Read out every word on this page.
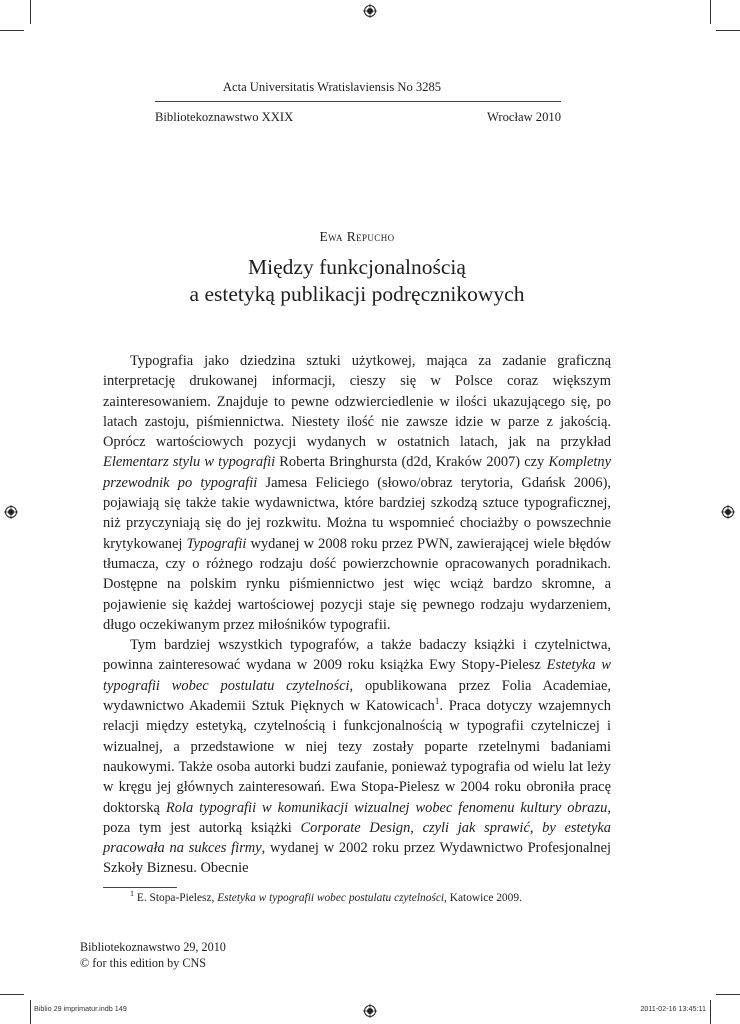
Acta Universitatis Wratislaviensis No 3285
Bibliotekoznawstwo XXIX	Wrocław 2010
Ewa Repucho
Między funkcjonalnością
a estetyką publikacji podręcznikowych

Typografia jako dziedzina sztuki użytkowej, mająca za zadanie graficzną interpretację drukowanej informacji, cieszy się w Polsce coraz większym zainteresowaniem. Znajduje to pewne odzwierciedlenie w ilości ukazującego się, po latach zastoju, piśmiennictwa. Niestety ilość nie zawsze idzie w parze z jakością. Oprócz wartościowych pozycji wydanych w ostatnich latach, jak na przykład Elementarz stylu w typografii Roberta Bringhursta (d2d, Kraków 2007) czy Kompletny przewodnik po typografii Jamesa Feliciego (słowo/obraz terytoria, Gdańsk 2006), pojawiają się także takie wydawnictwa, które bardziej szkodzą sztuce typograficznej, niż przyczyniają się do jej rozkwitu. Można tu wspomnieć chociażby o powszechnie krytykowanej Typografii wydanej w 2008 roku przez PWN, zawierającej wiele błędów tłumacza, czy o różnego rodzaju dość powierzchownie opracowanych poradnikach. Dostępne na polskim rynku piśmiennictwo jest więc wciąż bardzo skromne, a pojawienie się każdej wartościowej pozycji staje się pewnego rodzaju wydarzeniem, długo oczekiwanym przez miłośników typografii.

Tym bardziej wszystkich typografów, a także badaczy książki i czytelnictwa, powinna zainteresować wydana w 2009 roku książka Ewy Stopy-Pielesz Estetyka w typografii wobec postulatu czytelności, opublikowana przez Folia Academiae, wydawnictwo Akademii Sztuk Pięknych w Katowicach$^1$. Praca dotyczy wzajemnych relacji między estetyką, czytelnością i funkcjonalnością w typografii czytelniczej i wizualnej, a przedstawione w niej tezy zostały poparte rzetelnymi badaniami naukowymi. Także osoba autorki budzi zaufanie, ponieważ typografia od wielu lat leży w kręgu jej głównych zainteresowań. Ewa Stopa-Pielesz w 2004 roku obroniła pracę doktorską Rola typografii w komunikacji wizualnej wobec fenomenu kultury obrazu, poza tym jest autorką książki Corporate Design, czyli jak sprawić, by estetyka pracowała na sukces firmy, wydanej w 2002 roku przez Wydawnictwo Profesjonalnej Szkoły Biznesu. Obecnie

$^1$ E. Stopa-Pielesz, Estetyka w typografii wobec postulatu czytelności, Katowice 2009.
Bibliotekoznawstwo 29, 2010
© for this edition by CNS
Biblio 29 imprimatur.indb 149	2011-02-16 13:45:11
